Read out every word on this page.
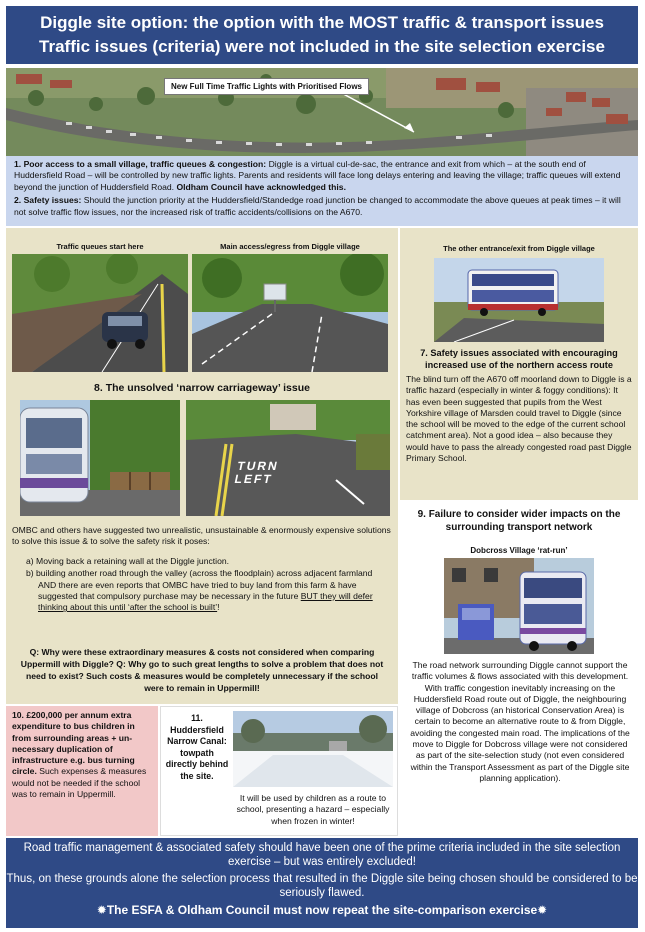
Diggle site option: the option with the MOST traffic & transport issues
Traffic issues (criteria) were not included in the site selection exercise
New Full Time Traffic Lights with Prioritised Flows

1. Poor access to a small village, traffic queues & congestion: Diggle is a virtual cul-de-sac, the entrance and exit from which – at the south end of Huddersfield Road – will be controlled by new traffic lights. Parents and residents will face long delays entering and leaving the village; traffic queues will extend beyond the junction of Huddersfield Road. Oldham Council have acknowledged this.

2. Safety issues: Should the junction priority at the Huddersfield/Standedge road junction be changed to accommodate the above queues at peak times – it will not solve traffic flow issues, nor the increased risk of traffic accidents/collisions on the A670.

Traffic queues start here	Main access/egress from Diggle village
8. The unsolved ‘narrow carriageway’ issue
TURN
LEFT
OMBC and others have suggested two unrealistic, unsustainable & enormously expensive solutions to solve this issue & to solve the safety risk it poses:
a) Moving back a retaining wall at the Diggle junction.
b) building another road through the valley (across the floodplain) across adjacent farmland AND there are even reports that OMBC have tried to buy land from this farm & have suggested that compulsory purchase may be necessary in the future BUT they will defer thinking about this until ‘after the school is built’!
Q: Why were these extraordinary measures & costs not considered when comparing Uppermill with Diggle? Q: Why go to such great lengths to solve a problem that does not need to exist? Such costs & measures would be completely unnecessary if the school were to remain in Uppermill!
The other entrance/exit from Diggle village
7. Safety issues associated with encouraging increased use of the northern access route
The blind turn off the A670 off moorland down to Diggle is a traffic hazard (especially in winter & foggy conditions): It has even been suggested that pupils from the West Yorkshire village of Marsden could travel to Diggle (since the school will be moved to the edge of the current school catchment area). Not a good idea – also because they would have to pass the already congested road past Diggle Primary School.
9. Failure to consider wider impacts on the surrounding transport network
Dobcross Village ‘rat-run’
The road network surrounding Diggle cannot support the traffic volumes & flows associated with this development. With traffic congestion inevitably increasing on the Huddersfield Road route out of Diggle, the neighbouring village of Dobcross (an historical Conservation Area) is certain to become an alternative route to & from Diggle, avoiding the congested main road. The implications of the move to Diggle for Dobcross village were not considered as part of the site-selection study (not even considered within the Transport Assessment as part of the Diggle site planning application).
10. £200,000 per annum extra expenditure to bus children in from surrounding areas + un-necessary duplication of infrastructure e.g. bus turning circle. Such expenses & measures would not be needed if the school was to remain in Uppermill.
11. Huddersfield Narrow Canal: towpath directly behind the site.
It will be used by children as a route to school, presenting a hazard – especially when frozen in winter!

Road traffic management & associated safety should have been one of the prime criteria included in the site selection exercise – but was entirely excluded!

Thus, on these grounds alone the selection process that resulted in the Diggle site being chosen should be considered to be seriously flawed.

✹The ESFA & Oldham Council must now repeat the site-comparison exercise✹
